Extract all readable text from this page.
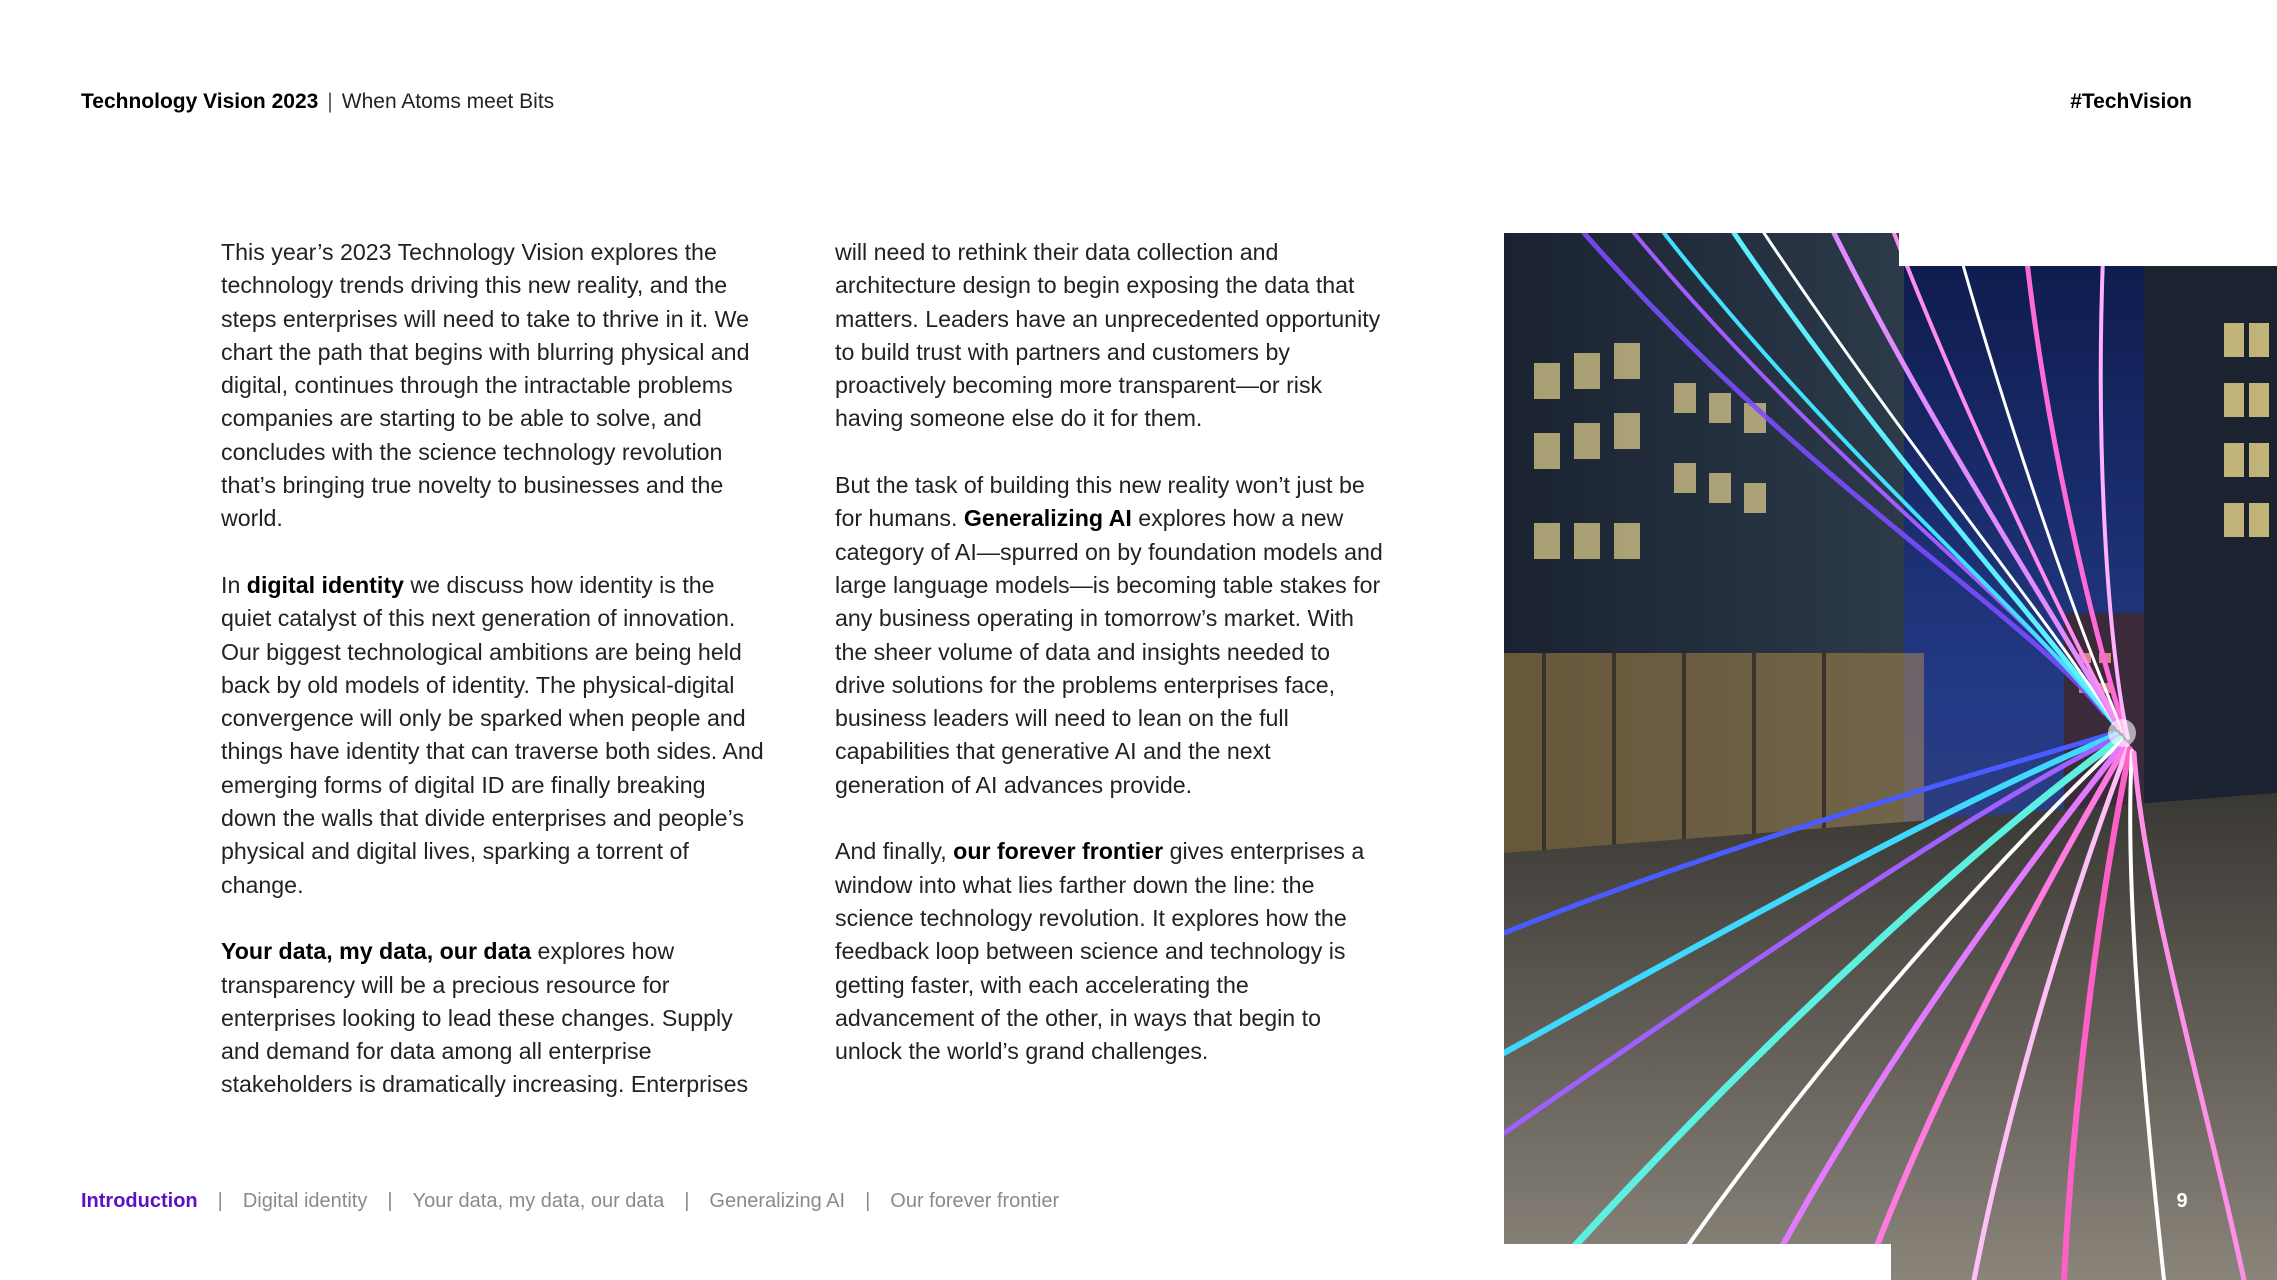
Technology Vision 2023 | When Atoms meet Bits	#TechVision

This year’s 2023 Technology Vision explores the technology trends driving this new reality, and the steps enterprises will need to take to thrive in it. We chart the path that begins with blurring physical and digital, continues through the intractable problems companies are starting to be able to solve, and concludes with the science technology revolution that’s bringing true novelty to businesses and the world.

In digital identity we discuss how identity is the quiet catalyst of this next generation of innovation. Our biggest technological ambitions are being held back by old models of identity. The physical-digital convergence will only be sparked when people and things have identity that can traverse both sides. And emerging forms of digital ID are finally breaking down the walls that divide enterprises and people’s physical and digital lives, sparking a torrent of change.

Your data, my data, our data explores how transparency will be a precious resource for enterprises looking to lead these changes. Supply and demand for data among all enterprise stakeholders is dramatically increasing. Enterprises

will need to rethink their data collection and architecture design to begin exposing the data that matters. Leaders have an unprecedented opportunity to build trust with partners and customers by proactively becoming more transparent—or risk having someone else do it for them.

But the task of building this new reality won’t just be for humans. Generalizing AI explores how a new category of AI—spurred on by foundation models and large language models—is becoming table stakes for any business operating in tomorrow’s market. With the sheer volume of data and insights needed to drive solutions for the problems enterprises face, business leaders will need to lean on the full capabilities that generative AI and the next generation of AI advances provide.

And finally, our forever frontier gives enterprises a window into what lies farther down the line: the science technology revolution. It explores how the feedback loop between science and technology is getting faster, with each accelerating the advancement of the other, in ways that begin to unlock the world’s grand challenges.

Introduction | Digital identity | Your data, my data, our data | Generalizing AI | Our forever frontier	9
